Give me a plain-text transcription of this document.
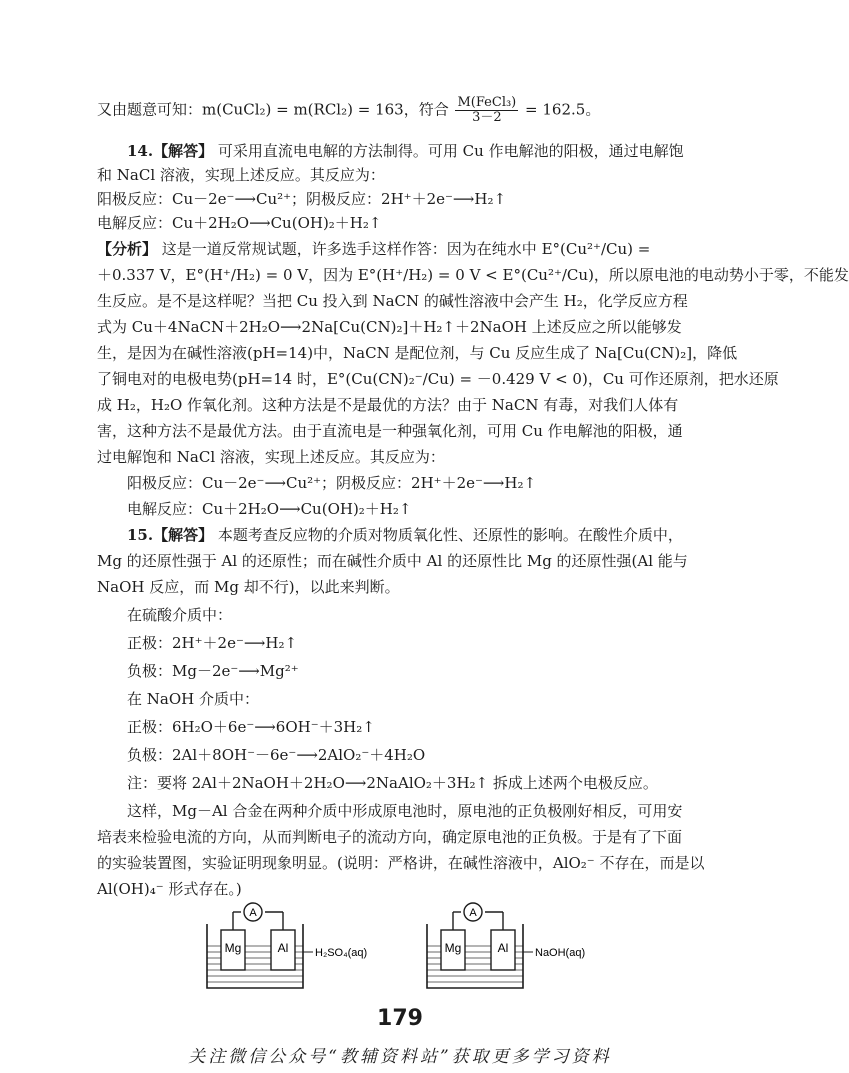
又由题意可知：m(CuCl₂) = m(RCl₂) = 163，符合 $\frac{\text{M(FeCl₃)}}{3-2} = 162.5$。
14.【解答】 可采用直流电电解的方法制得。可用 Cu 作电解池的阳极，通过电解饱
和 NaCl 溶液，实现上述反应。其反应为：
阳极反应：Cu－2e⁻⟶Cu²⁺；阴极反应：2H⁺＋2e⁻⟶H₂↑
电解反应：Cu＋2H₂O⟶Cu(OH)₂＋H₂↑
【分析】 这是一道反常规试题，许多选手这样作答：因为在纯水中 E°(Cu²⁺/Cu) =
＋0.337 V，E°(H⁺/H₂) = 0 V，因为 E°(H⁺/H₂) = 0 V < E°(Cu²⁺/Cu)，所以原电池的电动势小于零，不能发
生反应。是不是这样呢？当把 Cu 投入到 NaCN 的碱性溶液中会产生 H₂，化学反应方程
式为 Cu＋4NaCN＋2H₂O⟶2Na[Cu(CN)₂]＋H₂↑＋2NaOH 上述反应之所以能够发
生，是因为在碱性溶液(pH=14)中，NaCN 是配位剂，与 Cu 反应生成了 Na[Cu(CN)₂]，降低
了铜电对的电极电势(pH=14 时，E°(Cu(CN)₂⁻/Cu) = －0.429 V < 0)，Cu 可作还原剂，把水还原
成 H₂，H₂O 作氧化剂。这种方法是不是最优的方法？由于 NaCN 有毒，对我们人体有
害，这种方法不是最优方法。由于直流电是一种强氧化剂，可用 Cu 作电解池的阳极，通
过电解饱和 NaCl 溶液，实现上述反应。其反应为：
阳极反应：Cu－2e⁻⟶Cu²⁺；阴极反应：2H⁺＋2e⁻⟶H₂↑
电解反应：Cu＋2H₂O⟶Cu(OH)₂＋H₂↑
15.【解答】 本题考查反应物的介质对物质氧化性、还原性的影响。在酸性介质中，
Mg 的还原性强于 Al 的还原性；而在碱性介质中 Al 的还原性比 Mg 的还原性强(Al 能与
NaOH 反应，而 Mg 却不行)，以此来判断。
在硫酸介质中：
正极：2H⁺＋2e⁻⟶H₂↑
负极：Mg－2e⁻⟶Mg²⁺
在 NaOH 介质中：
正极：6H₂O＋6e⁻⟶6OH⁻＋3H₂↑
负极：2Al＋8OH⁻－6e⁻⟶2AlO₂⁻＋4H₂O
注：要将 2Al＋2NaOH＋2H₂O⟶2NaAlO₂＋3H₂↑ 拆成上述两个电极反应。
这样，Mg－Al 合金在两种介质中形成原电池时，原电池的正负极刚好相反，可用安
培表来检验电流的方向，从而判断电子的流动方向，确定原电池的正负极。于是有了下面
的实验装置图，实验证明现象明显。(说明：严格讲，在碱性溶液中，AlO₂⁻ 不存在，而是以
Al(OH)₄⁻ 形式存在。)
A
Mg	Al H₂SO₄(aq)
A
Mg	Al NaOH(aq)
179
关注微信公众号“教辅资料站”获取更多学习资料
